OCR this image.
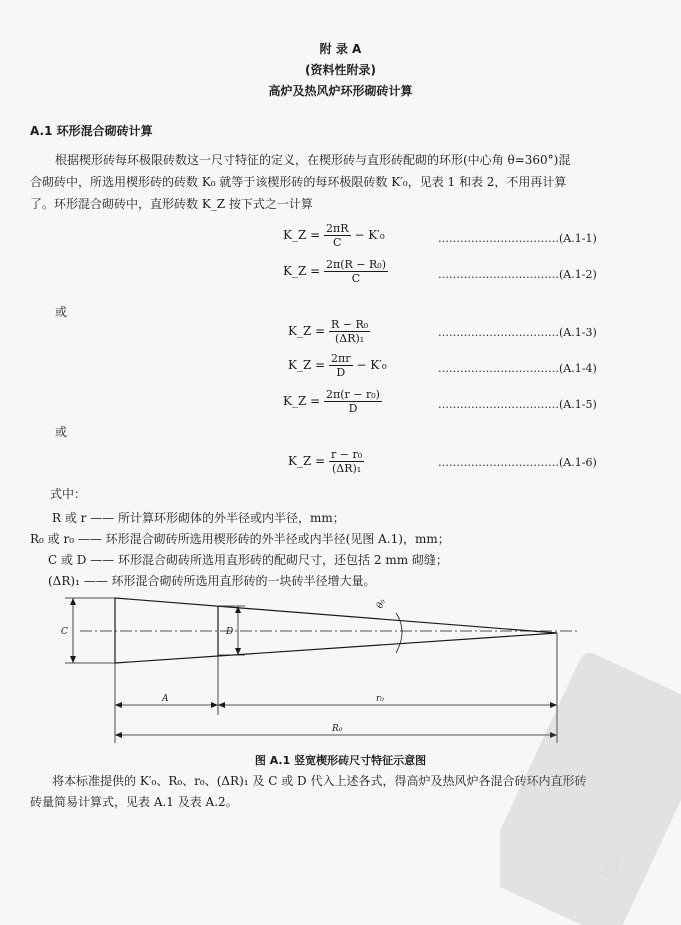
附 录 A
(资料性附录)
高炉及热风炉环形砌砖计算
A.1 环形混合砌砖计算
根据楔形砖每环极限砖数这一尺寸特征的定义，在楔形砖与直形砖配砌的环形(中心角 θ=360°)混
合砌砖中，所选用楔形砖的砖数 K₀ 就等于该楔形砖的每环极限砖数 K′₀，见表 1 和表 2，不用再计算
了。环形混合砌砖中，直形砖数 K_Z 按下式之一计算
K_Z = $\frac{2\pi R}{C} - K'_0$	……………………………(A.1-1)
K_Z = $\frac{\text{2π(R − R₀)}}{C}$	……………………………(A.1-2)
或
K_Z = $\frac{\text{R − R₀}}{\text{(ΔR)₁}}$	……………………………(A.1-3)
K_Z = $\frac{2\pi r}{D} - K'_0$	……………………………(A.1-4)
K_Z = $\frac{\text{2π(r − r₀)}}{D}$	……………………………(A.1-5)
或
K_Z = $\frac{\text{r − r₀}}{\text{(ΔR)₁}}$	……………………………(A.1-6)
式中：
R 或 r —— 所计算环形砌体的外半径或内半径，mm；
R₀ 或 r₀ —— 环形混合砌砖所选用楔形砖的外半径或内半径(见图 A.1)，mm；
C 或 D —— 环形混合砌砖所选用直形砖的配砌尺寸，还包括 2 mm 砌缝；
(ΔR)₁ —— 环形混合砌砖所选用直形砖的一块砖半径增大量。
C	D
A	r₀
R₀
θ₀
图 A.1 竖宽楔形砖尺寸特征示意图
将本标准提供的 K′₀、R₀、r₀、(ΔR)₁ 及 C 或 D 代入上述各式，得高炉及热风炉各混合砖环内直形砖
砖量简易计算式，见表 A.1 及表 A.2。
PDF
